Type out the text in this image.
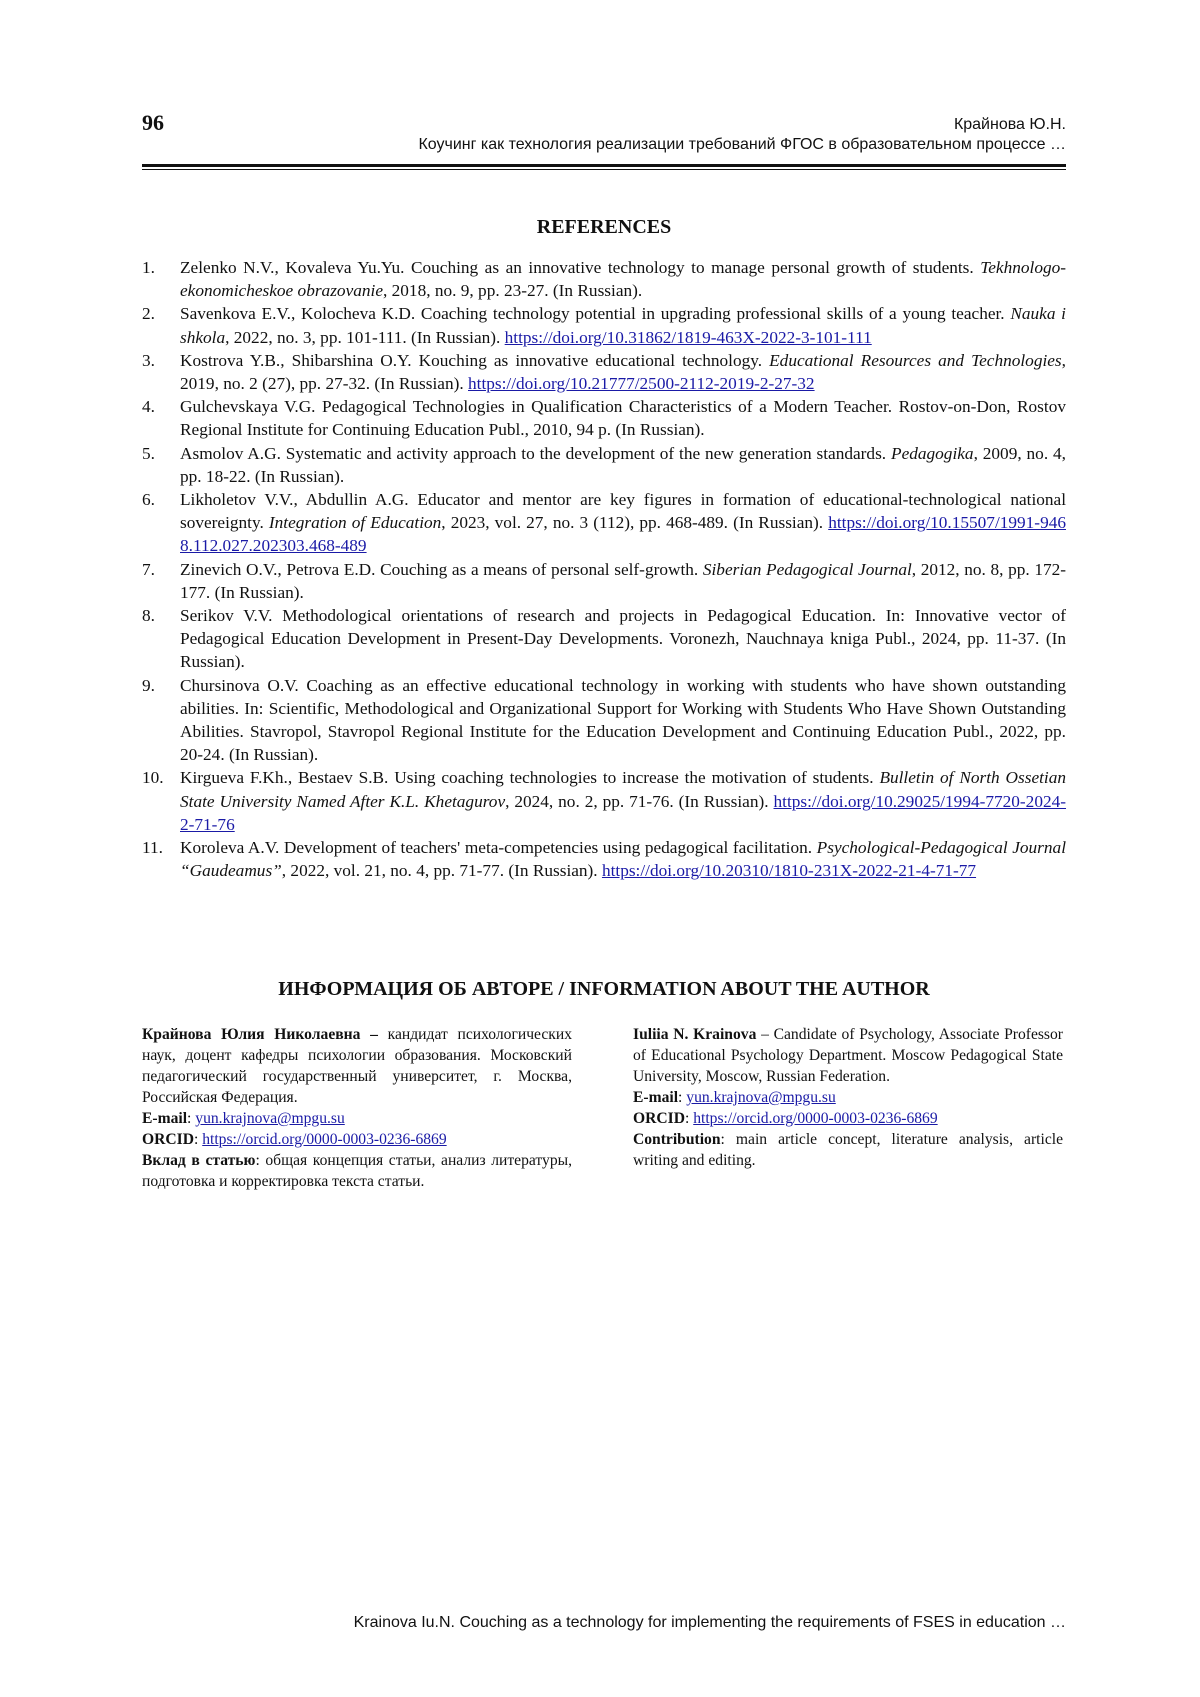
96	Крайнова Ю.Н.
Коучинг как технология реализации требований ФГОС в образовательном процессе …
REFERENCES
1. Zelenko N.V., Kovaleva Yu.Yu. Couching as an innovative technology to manage personal growth of students. Tekhnologo-ekonomicheskoe obrazovanie, 2018, no. 9, pp. 23-27. (In Russian).
2. Savenkova E.V., Kolocheva K.D. Coaching technology potential in upgrading professional skills of a young teacher. Nauka i shkola, 2022, no. 3, pp. 101-111. (In Russian). https://doi.org/10.31862/1819-463X-2022-3-101-111
3. Kostrova Y.B., Shibarshina O.Y. Kouching as innovative educational technology. Educational Resources and Technologies, 2019, no. 2 (27), pp. 27-32. (In Russian). https://doi.org/10.21777/2500-2112-2019-2-27-32
4. Gulchevskaya V.G. Pedagogical Technologies in Qualification Characteristics of a Modern Teacher. Rostov-on-Don, Rostov Regional Institute for Continuing Education Publ., 2010, 94 p. (In Russian).
5. Asmolov A.G. Systematic and activity approach to the development of the new generation standards. Pedagogika, 2009, no. 4, pp. 18-22. (In Russian).
6. Likholetov V.V., Abdullin A.G. Educator and mentor are key figures in formation of educational-technological national sovereignty. Integration of Education, 2023, vol. 27, no. 3 (112), pp. 468-489. (In Russian). https://doi.org/10.15507/1991-9468.112.027.202303.468-489
7. Zinevich O.V., Petrova E.D. Couching as a means of personal self-growth. Siberian Pedagogical Journal, 2012, no. 8, pp. 172-177. (In Russian).
8. Serikov V.V. Methodological orientations of research and projects in Pedagogical Education. In: Innovative vector of Pedagogical Education Development in Present-Day Developments. Voronezh, Nauchnaya kniga Publ., 2024, pp. 11-37. (In Russian).
9. Chursinova O.V. Coaching as an effective educational technology in working with students who have shown outstanding abilities. In: Scientific, Methodological and Organizational Support for Working with Students Who Have Shown Outstanding Abilities. Stavropol, Stavropol Regional Institute for the Education Development and Continuing Education Publ., 2022, pp. 20-24. (In Russian).
10. Kirgueva F.Kh., Bestaev S.B. Using coaching technologies to increase the motivation of students. Bulletin of North Ossetian State University Named After K.L. Khetagurov, 2024, no. 2, pp. 71-76. (In Russian). https://doi.org/10.29025/1994-7720-2024-2-71-76
11. Koroleva A.V. Development of teachers' meta-competencies using pedagogical facilitation. Psychological-Pedagogical Journal “Gaudeamus”, 2022, vol. 21, no. 4, pp. 71-77. (In Russian). https://doi.org/10.20310/1810-231X-2022-21-4-71-77
ИНФОРМАЦИЯ ОБ АВТОРЕ / INFORMATION ABOUT THE AUTHOR

Крайнова Юлия Николаевна – кандидат психологических наук, доцент кафедры психологии образования. Московский педагогический государственный университет, г. Москва, Российская Федерация.

E-mail: yun.krajnova@mpgu.su

ORCID: https://orcid.org/0000-0003-0236-6869

Вклад в статью: общая концепция статьи, анализ литературы, подготовка и корректировка текста статьи.

Iuliia N. Krainova – Candidate of Psychology, Associate Professor of Educational Psychology Department. Moscow Pedagogical State University, Moscow, Russian Federation.

E-mail: yun.krajnova@mpgu.su

ORCID: https://orcid.org/0000-0003-0236-6869

Contribution: main article concept, literature analysis, article writing and editing.

Krainova Iu.N. Couching as a technology for implementing the requirements of FSES in education …
